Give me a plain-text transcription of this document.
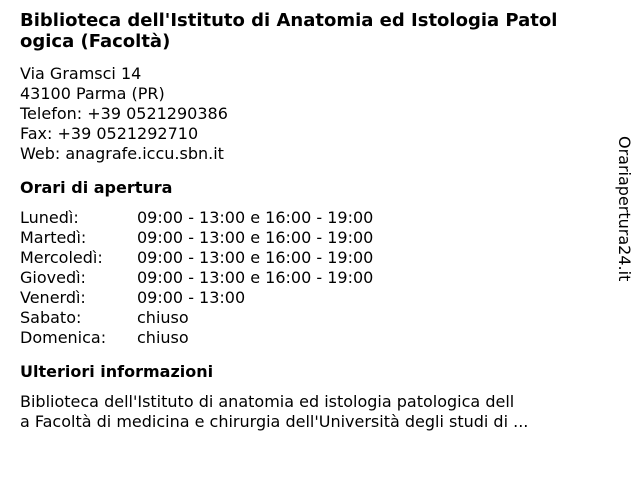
Biblioteca dell'Istituto di Anatomia ed Istologia Patol
ogica (Facoltà)
Via Gramsci 14
43100 Parma (PR)
Telefon: +39 0521290386
Fax: +39 0521292710
Web: anagrafe.iccu.sbn.it
Orari di apertura
Lunedì:	09:00 - 13:00 e 16:00 - 19:00
Martedì:	09:00 - 13:00 e 16:00 - 19:00
Mercoledì:	09:00 - 13:00 e 16:00 - 19:00
Giovedì:	09:00 - 13:00 e 16:00 - 19:00
Venerdì:	09:00 - 13:00
Sabato:	chiuso
Domenica:	chiuso
Ulteriori informazioni
Biblioteca dell'Istituto di anatomia ed istologia patologica dell
a Facoltà di medicina e chirurgia dell'Università degli studi di ...
Orariaperturа24.it
